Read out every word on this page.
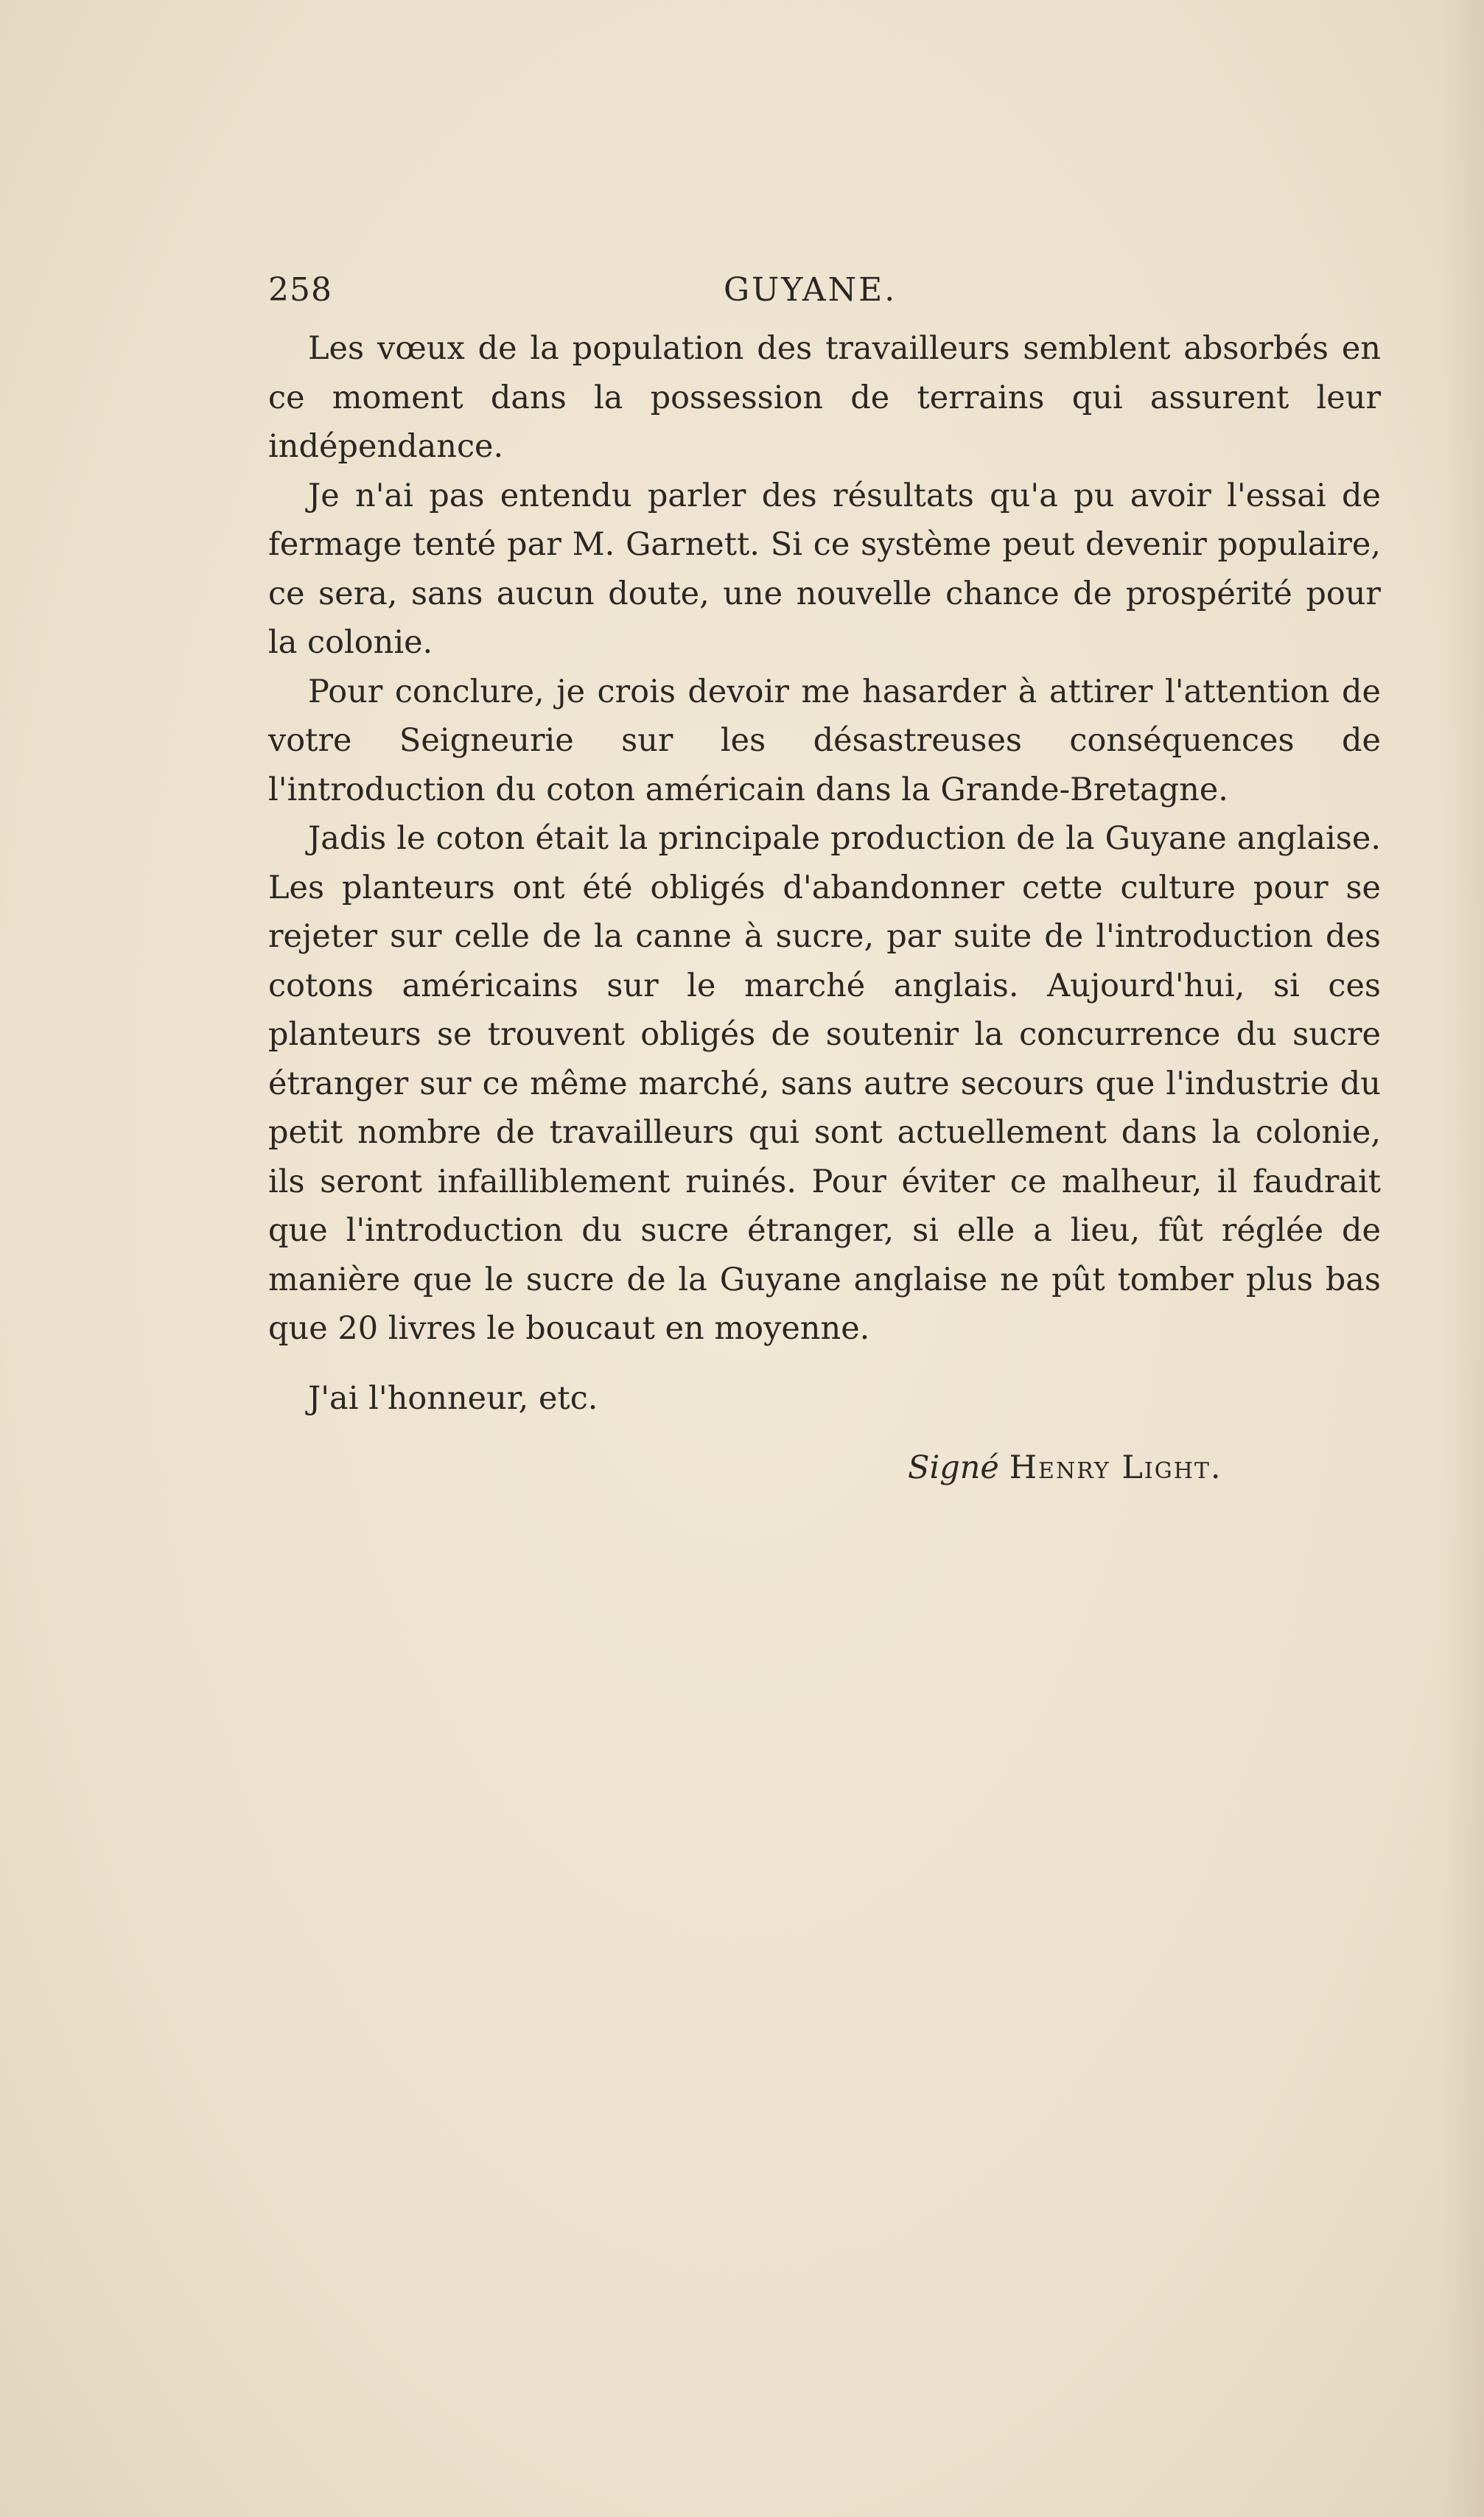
258	GUYANE.

Les vœux de la population des travailleurs semblent absorbés en ce moment dans la possession de terrains qui assurent leur indépendance.

Je n'ai pas entendu parler des résultats qu'a pu avoir l'essai de fermage tenté par M. Garnett. Si ce système peut devenir populaire, ce sera, sans aucun doute, une nouvelle chance de prospérité pour la colonie.

Pour conclure, je crois devoir me hasarder à attirer l'attention de votre Seigneurie sur les désastreuses conséquences de l'introduction du coton américain dans la Grande-Bretagne.

Jadis le coton était la principale production de la Guyane anglaise. Les planteurs ont été obligés d'abandonner cette culture pour se rejeter sur celle de la canne à sucre, par suite de l'introduction des cotons américains sur le marché anglais. Aujourd'hui, si ces planteurs se trouvent obligés de soutenir la concurrence du sucre étranger sur ce même marché, sans autre secours que l'industrie du petit nombre de travailleurs qui sont actuellement dans la colonie, ils seront infailliblement ruinés. Pour éviter ce malheur, il faudrait que l'introduction du sucre étranger, si elle a lieu, fût réglée de manière que le sucre de la Guyane anglaise ne pût tomber plus bas que 20 livres le boucaut en moyenne.

J'ai l'honneur, etc.

Signé Henry Light.
